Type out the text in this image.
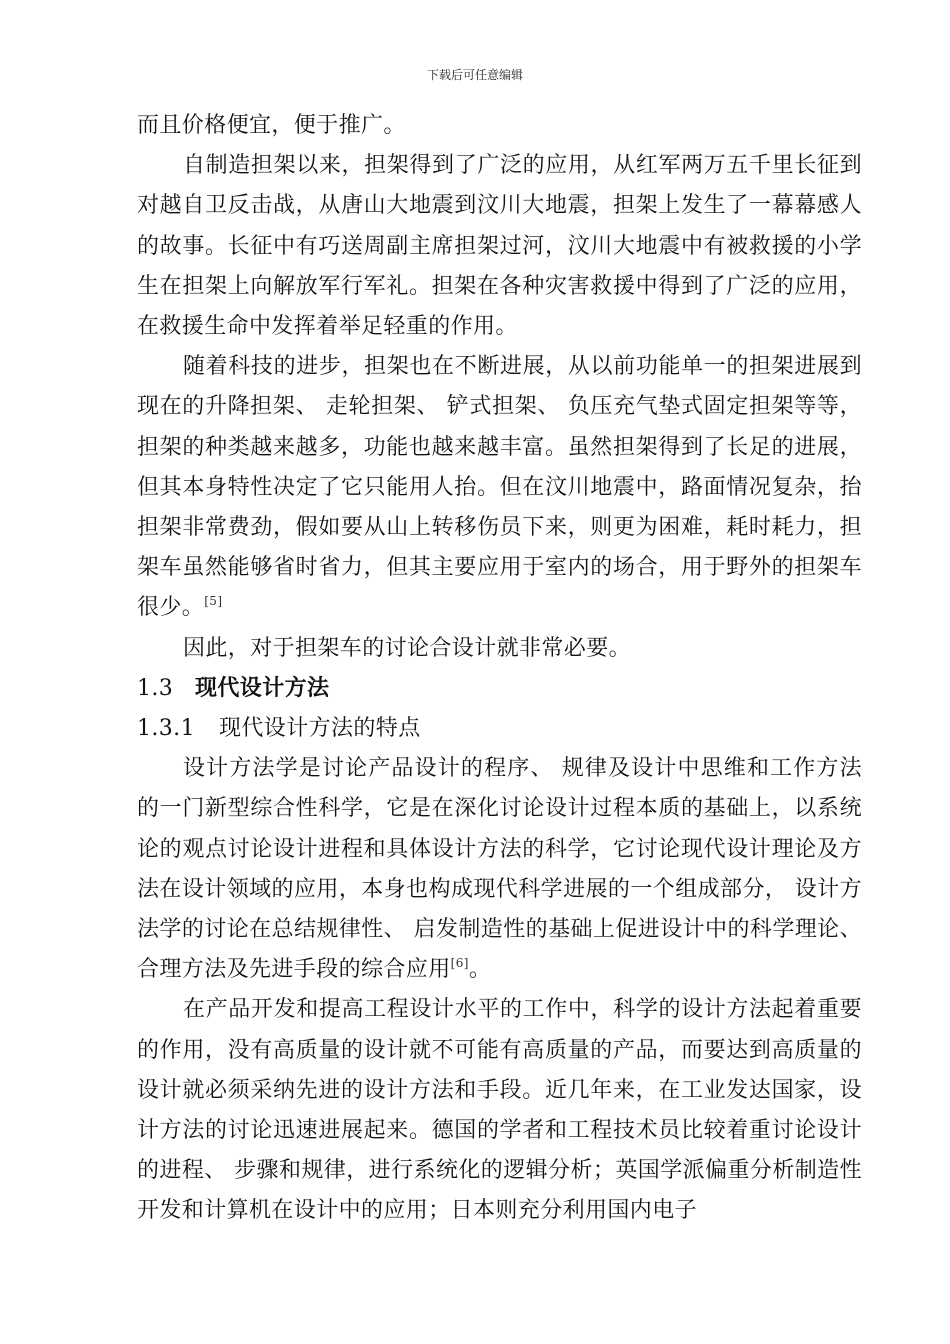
下载后可任意编辑

而且价格便宜，便于推广。

自制造担架以来，担架得到了广泛的应用，从红军两万五千里长征到对越自卫反击战，从唐山大地震到汶川大地震，担架上发生了一幕幕感人的故事。长征中有巧送周副主席担架过河，汶川大地震中有被救援的小学生在担架上向解放军行军礼。担架在各种灾害救援中得到了广泛的应用，在救援生命中发挥着举足轻重的作用。

随着科技的进步，担架也在不断进展，从以前功能单一的担架进展到现在的升降担架、 走轮担架、 铲式担架、 负压充气垫式固定担架等等，担架的种类越来越多，功能也越来越丰富。虽然担架得到了长足的进展，但其本身特性决定了它只能用人抬。但在汶川地震中，路面情况复杂，抬担架非常费劲，假如要从山上转移伤员下来，则更为困难，耗时耗力，担架车虽然能够省时省力，但其主要应用于室内的场合，用于野外的担架车很少。[5]

因此，对于担架车的讨论合设计就非常必要。

1.3 现代设计方法
1.3.1 现代设计方法的特点

设计方法学是讨论产品设计的程序、 规律及设计中思维和工作方法的一门新型综合性科学，它是在深化讨论设计过程本质的基础上，以系统论的观点讨论设计进程和具体设计方法的科学，它讨论现代设计理论及方法在设计领域的应用，本身也构成现代科学进展的一个组成部分， 设计方法学的讨论在总结规律性、 启发制造性的基础上促进设计中的科学理论、 合理方法及先进手段的综合应用[6]。

在产品开发和提高工程设计水平的工作中，科学的设计方法起着重要的作用，没有高质量的设计就不可能有高质量的产品，而要达到高质量的设计就必须采纳先进的设计方法和手段。近几年来，在工业发达国家，设计方法的讨论迅速进展起来。德国的学者和工程技术员比较着重讨论设计的进程、 步骤和规律，进行系统化的逻辑分析；英国学派偏重分析制造性开发和计算机在设计中的应用；日本则充分利用国内电子
